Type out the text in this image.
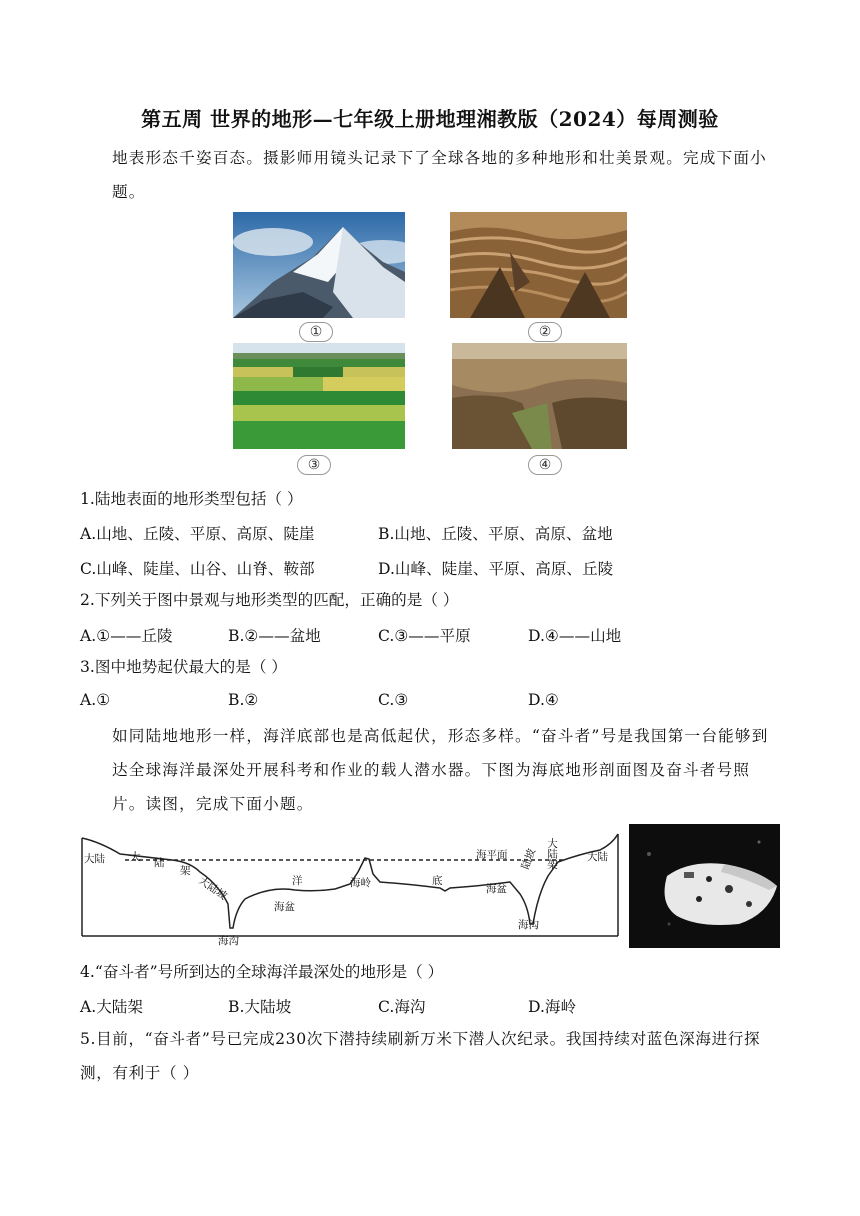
第五周 世界的地形—七年级上册地理湘教版（2024）每周测验
地表形态千姿百态。摄影师用镜头记录下了全球各地的多种地形和壮美景观。完成下面小题。
①	②
③	④
1.陆地表面的地形类型包括（ ）
A.山地、丘陵、平原、高原、陡崖	B.山地、丘陵、平原、高原、盆地
C.山峰、陡崖、山谷、山脊、鞍部	D.山峰、陡崖、平原、高原、丘陵
2.下列关于图中景观与地形类型的匹配，正确的是（ ）
A.①——丘陵	B.②——盆地	C.③——平原	D.④——山地
3.图中地势起伏最大的是（ ）
A.①	B.②	C.③	D.④
如同陆地地形一样，海洋底部也是高低起伏，形态多样。“奋斗者”号是我国第一台能够到达全球海洋最深处开展科考和作业的载人潜水器。下图为海底地形剖面图及奋斗者号照片。读图，完成下面小题。
大陆 大 陆
架
大陆坡
海沟
洋
海盆
海岭
海平面
底
海盆
海沟
陆坡 大陆架	大陆
4.“奋斗者”号所到达的全球海洋最深处的地形是（ ）
A.大陆架	B.大陆坡	C.海沟	D.海岭
5.目前，“奋斗者”号已完成230次下潜持续刷新万米下潜人次纪录。我国持续对蓝色深海进行探测，有利于（ ）
